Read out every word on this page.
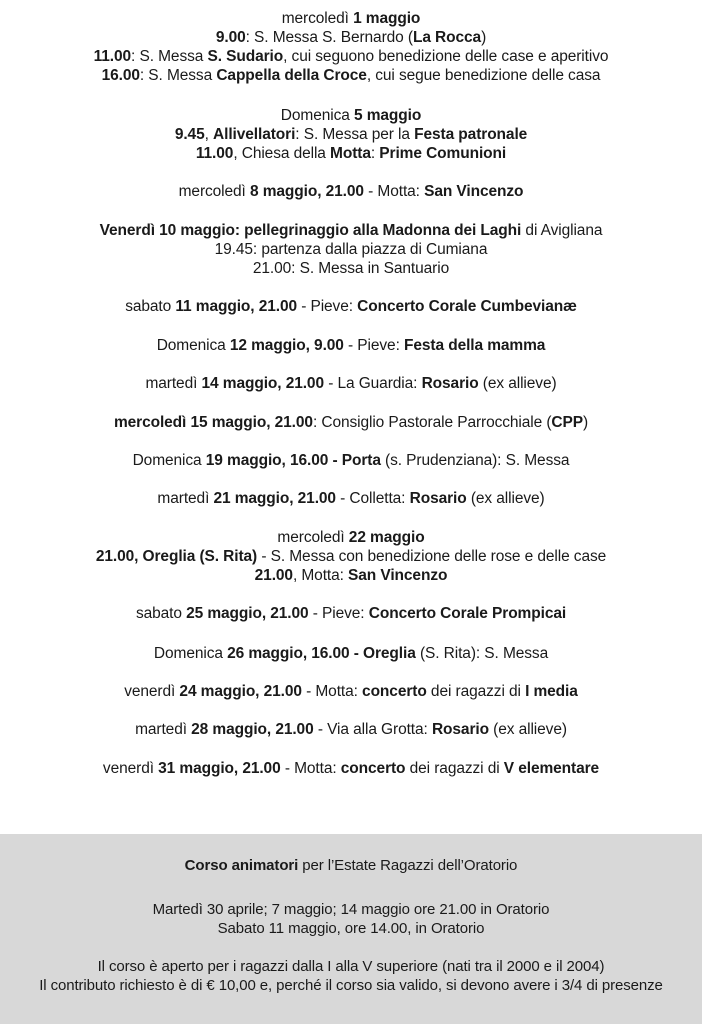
mercoledì 1 maggio
9.00: S. Messa S. Bernardo (La Rocca)
11.00: S. Messa S. Sudario, cui seguono benedizione delle case e aperitivo
16.00: S. Messa Cappella della Croce, cui segue benedizione delle casa
Domenica 5 maggio
9.45, Allivellatori: S. Messa per la Festa patronale
11.00, Chiesa della Motta: Prime Comunioni
mercoledì 8 maggio, 21.00 - Motta: San Vincenzo
Venerdì 10 maggio: pellegrinaggio alla Madonna dei Laghi di Avigliana
19.45: partenza dalla piazza di Cumiana
21.00: S. Messa in Santuario
sabato 11 maggio, 21.00 - Pieve: Concerto Corale Cumbevianæ
Domenica 12 maggio, 9.00 - Pieve: Festa della mamma
martedì 14 maggio, 21.00 - La Guardia: Rosario (ex allieve)
mercoledì 15 maggio, 21.00: Consiglio Pastorale Parrocchiale (CPP)
Domenica 19 maggio, 16.00 - Porta (s. Prudenziana): S. Messa
martedì 21 maggio, 21.00 - Colletta: Rosario (ex allieve)
mercoledì 22 maggio
21.00, Oreglia (S. Rita) - S. Messa con benedizione delle rose e delle case
21.00, Motta: San Vincenzo
sabato 25 maggio, 21.00 - Pieve: Concerto Corale Prompicai
Domenica 26 maggio, 16.00 - Oreglia (S. Rita): S. Messa
venerdì 24 maggio, 21.00 - Motta: concerto dei ragazzi di I media
martedì 28 maggio, 21.00 - Via alla Grotta: Rosario (ex allieve)
venerdì 31 maggio, 21.00 - Motta: concerto dei ragazzi di V elementare
Corso animatori per l’Estate Ragazzi dell’Oratorio
Martedì 30 aprile; 7 maggio; 14 maggio ore 21.00 in Oratorio
Sabato 11 maggio, ore 14.00, in Oratorio
Il corso è aperto per i ragazzi dalla I alla V superiore (nati tra il 2000 e il 2004)
Il contributo richiesto è di € 10,00 e, perché il corso sia valido, si devono avere i 3/4 di presenze
